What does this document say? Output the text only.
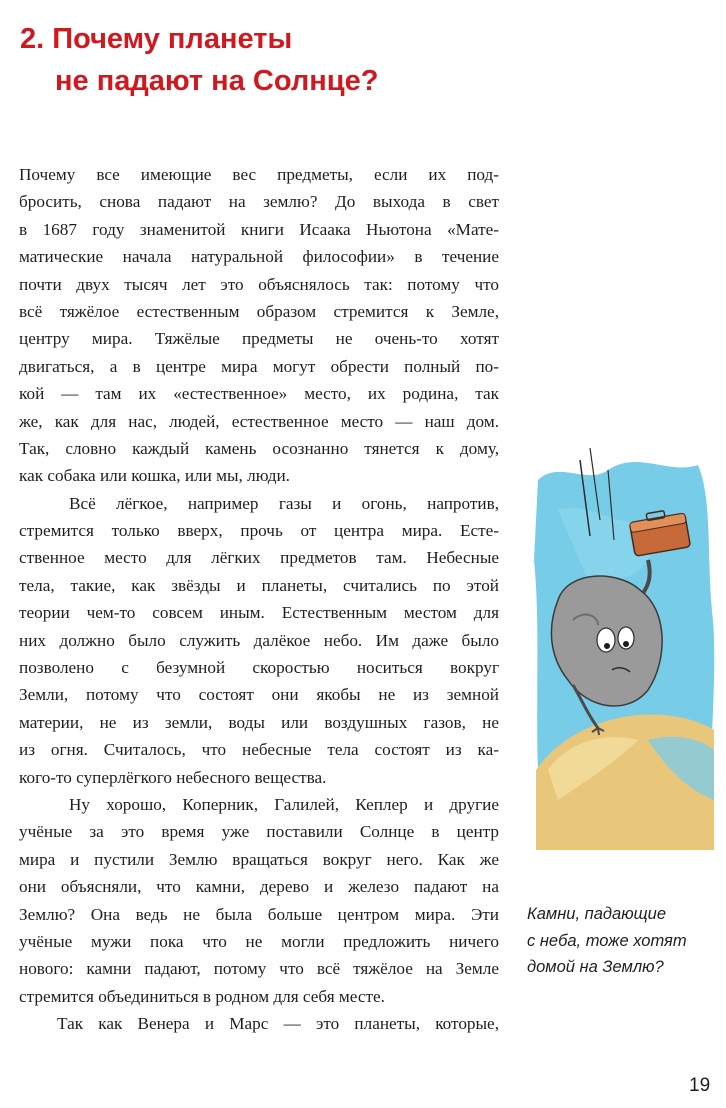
2. Почему планеты
не падают на Солнце?
Почему все имеющие вес предметы, если их под-
бросить, снова падают на землю? До выхода в свет
в 1687 году знаменитой книги Исаака Ньютона «Мате-
матические начала натуральной философии» в течение
почти двух тысяч лет это объяснялось так: потому что
всё тяжёлое естественным образом стремится к Земле,
центру мира. Тяжёлые предметы не очень-то хотят
двигаться, а в центре мира могут обрести полный по-
кой — там их «естественное» место, их родина, так
же, как для нас, людей, естественное место — наш дом.
Так, словно каждый камень осознанно тянется к дому,
как собака или кошка, или мы, люди.
Всё лёгкое, например газы и огонь, напротив,
стремится только вверх, прочь от центра мира. Есте-
ственное место для лёгких предметов там. Небесные
тела, такие, как звёзды и планеты, считались по этой
теории чем-то совсем иным. Естественным местом для
них должно было служить далёкое небо. Им даже было
позволено с безумной скоростью носиться вокруг
Земли, потому что состоят они якобы не из земной
материи, не из земли, воды или воздушных газов, не
из огня. Считалось, что небесные тела состоят из ка-
кого-то суперлёгкого небесного вещества.
Ну хорошо, Коперник, Галилей, Кеплер и другие
учёные за это время уже поставили Солнце в центр
мира и пустили Землю вращаться вокруг него. Как же
они объясняли, что камни, дерево и железо падают на
Землю? Она ведь не была больше центром мира. Эти
учёные мужи пока что не могли предложить ничего
нового: камни падают, потому что всё тяжёлое на Земле
стремится объединиться в родном для себя месте.
Так как Венера и Марс — это планеты, которые,
Камни, падающие
с неба, тоже хотят
домой на Землю?
19
